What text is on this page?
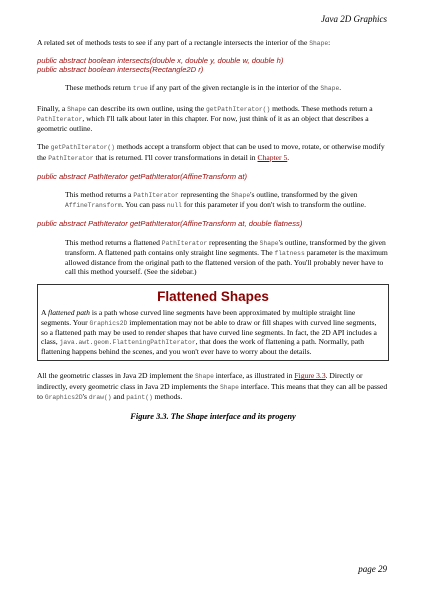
Java 2D Graphics

A related set of methods tests to see if any part of a rectangle intersects the interior of the Shape:

public abstract boolean intersects(double x, double y, double w, double h)
public abstract boolean intersects(Rectangle2D r)

These methods return true if any part of the given rectangle is in the interior of the Shape.

Finally, a Shape can describe its own outline, using the getPathIterator() methods. These methods return a PathIterator, which I'll talk about later in this chapter. For now, just think of it as an object that describes a geometric outline.

The getPathIterator() methods accept a transform object that can be used to move, rotate, or otherwise modify the PathIterator that is returned. I'll cover transformations in detail in Chapter 5.

public abstract PathIterator getPathIterator(AffineTransform at)

This method returns a PathIterator representing the Shape's outline, transformed by the given AffineTransform. You can pass null for this parameter if you don't wish to transform the outline.

public abstract PathIterator getPathIterator(AffineTransform at, double flatness)

This method returns a flattened PathIterator representing the Shape's outline, transformed by the given transform. A flattened path contains only straight line segments. The flatness parameter is the maximum allowed distance from the original path to the flattened version of the path. You'll probably never have to call this method yourself. (See the sidebar.)

Flattened Shapes

A flattened path is a path whose curved line segments have been approximated by multiple straight line segments. Your Graphics2D implementation may not be able to draw or fill shapes with curved line segments, so a flattened path may be used to render shapes that have curved line segments. In fact, the 2D API includes a class, java.awt.geom.FlatteningPathIterator, that does the work of flattening a path. Normally, path flattening happens behind the scenes, and you won't ever have to worry about the details.

All the geometric classes in Java 2D implement the Shape interface, as illustrated in Figure 3.3. Directly or indirectly, every geometric class in Java 2D implements the Shape interface. This means that they can all be passed to Graphics2D's draw() and paint() methods.

Figure 3.3. The Shape interface and its progeny
page 29
